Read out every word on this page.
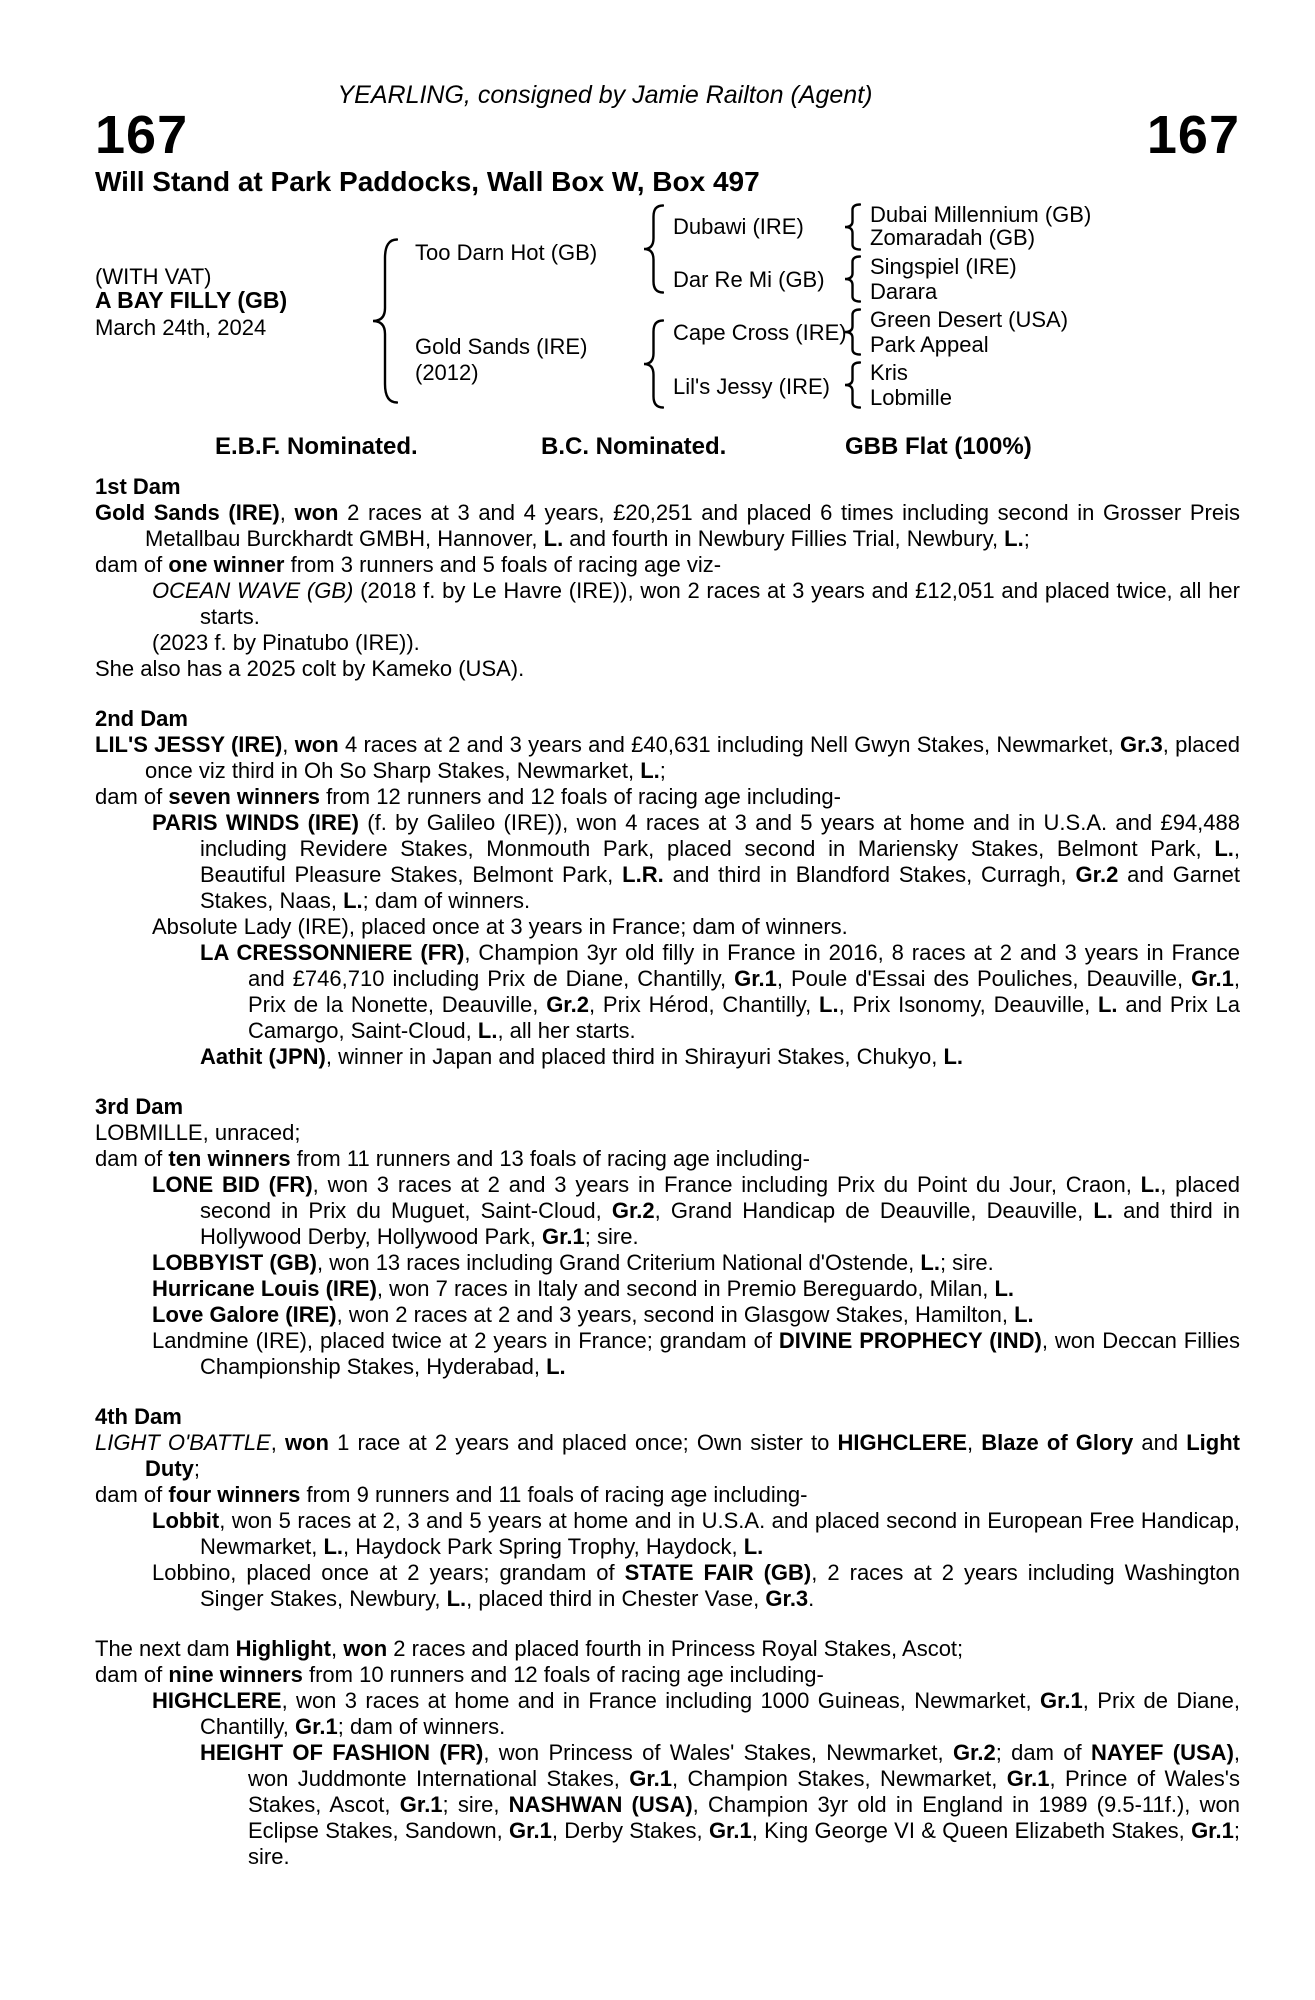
YEARLING, consigned by Jamie Railton (Agent)
167	167
Will Stand at Park Paddocks, Wall Box W, Box 497
(WITH VAT)
A BAY FILLY (GB)
March 24th, 2024
Too Darn Hot (GB)
Gold Sands (IRE)
(2012)
Dubawi (IRE)
Dar Re Mi (GB)
Cape Cross (IRE)
Lil's Jessy (IRE)
Dubai Millennium (GB)
Zomaradah (GB)
Singspiel (IRE)
Darara
Green Desert (USA)
Park Appeal
Kris
Lobmille
E.B.F. Nominated.	B.C. Nominated.	GBB Flat (100%)
1st Dam
Gold Sands (IRE), won 2 races at 3 and 4 years, £20,251 and placed 6 times including second in Grosser Preis Metallbau Burckhardt GMBH, Hannover, L. and fourth in Newbury Fillies Trial, Newbury, L.;
dam of one winner from 3 runners and 5 foals of racing age viz-
OCEAN WAVE (GB) (2018 f. by Le Havre (IRE)), won 2 races at 3 years and £12,051 and placed twice, all her starts.
(2023 f. by Pinatubo (IRE)).
She also has a 2025 colt by Kameko (USA).
2nd Dam
LIL'S JESSY (IRE), won 4 races at 2 and 3 years and £40,631 including Nell Gwyn Stakes, Newmarket, Gr.3, placed once viz third in Oh So Sharp Stakes, Newmarket, L.;
dam of seven winners from 12 runners and 12 foals of racing age including-
PARIS WINDS (IRE) (f. by Galileo (IRE)), won 4 races at 3 and 5 years at home and in U.S.A. and £94,488 including Revidere Stakes, Monmouth Park, placed second in Mariensky Stakes, Belmont Park, L., Beautiful Pleasure Stakes, Belmont Park, L.R. and third in Blandford Stakes, Curragh, Gr.2 and Garnet Stakes, Naas, L.; dam of winners.
Absolute Lady (IRE), placed once at 3 years in France; dam of winners.
LA CRESSONNIERE (FR), Champion 3yr old filly in France in 2016, 8 races at 2 and 3 years in France and £746,710 including Prix de Diane, Chantilly, Gr.1, Poule d'Essai des Pouliches, Deauville, Gr.1, Prix de la Nonette, Deauville, Gr.2, Prix Hérod, Chantilly, L., Prix Isonomy, Deauville, L. and Prix La Camargo, Saint-Cloud, L., all her starts.
Aathit (JPN), winner in Japan and placed third in Shirayuri Stakes, Chukyo, L.
3rd Dam
LOBMILLE, unraced;
dam of ten winners from 11 runners and 13 foals of racing age including-
LONE BID (FR), won 3 races at 2 and 3 years in France including Prix du Point du Jour, Craon, L., placed second in Prix du Muguet, Saint-Cloud, Gr.2, Grand Handicap de Deauville, Deauville, L. and third in Hollywood Derby, Hollywood Park, Gr.1; sire.
LOBBYIST (GB), won 13 races including Grand Criterium National d'Ostende, L.; sire.
Hurricane Louis (IRE), won 7 races in Italy and second in Premio Bereguardo, Milan, L.
Love Galore (IRE), won 2 races at 2 and 3 years, second in Glasgow Stakes, Hamilton, L.
Landmine (IRE), placed twice at 2 years in France; grandam of DIVINE PROPHECY (IND), won Deccan Fillies Championship Stakes, Hyderabad, L.
4th Dam
LIGHT O'BATTLE, won 1 race at 2 years and placed once; Own sister to HIGHCLERE, Blaze of Glory and Light Duty;
dam of four winners from 9 runners and 11 foals of racing age including-
Lobbit, won 5 races at 2, 3 and 5 years at home and in U.S.A. and placed second in European Free Handicap, Newmarket, L., Haydock Park Spring Trophy, Haydock, L.
Lobbino, placed once at 2 years; grandam of STATE FAIR (GB), 2 races at 2 years including Washington Singer Stakes, Newbury, L., placed third in Chester Vase, Gr.3.
The next dam Highlight, won 2 races and placed fourth in Princess Royal Stakes, Ascot;
dam of nine winners from 10 runners and 12 foals of racing age including-
HIGHCLERE, won 3 races at home and in France including 1000 Guineas, Newmarket, Gr.1, Prix de Diane, Chantilly, Gr.1; dam of winners.
HEIGHT OF FASHION (FR), won Princess of Wales' Stakes, Newmarket, Gr.2; dam of NAYEF (USA), won Juddmonte International Stakes, Gr.1, Champion Stakes, Newmarket, Gr.1, Prince of Wales's Stakes, Ascot, Gr.1; sire, NASHWAN (USA), Champion 3yr old in England in 1989 (9.5-11f.), won Eclipse Stakes, Sandown, Gr.1, Derby Stakes, Gr.1, King George VI & Queen Elizabeth Stakes, Gr.1; sire.
